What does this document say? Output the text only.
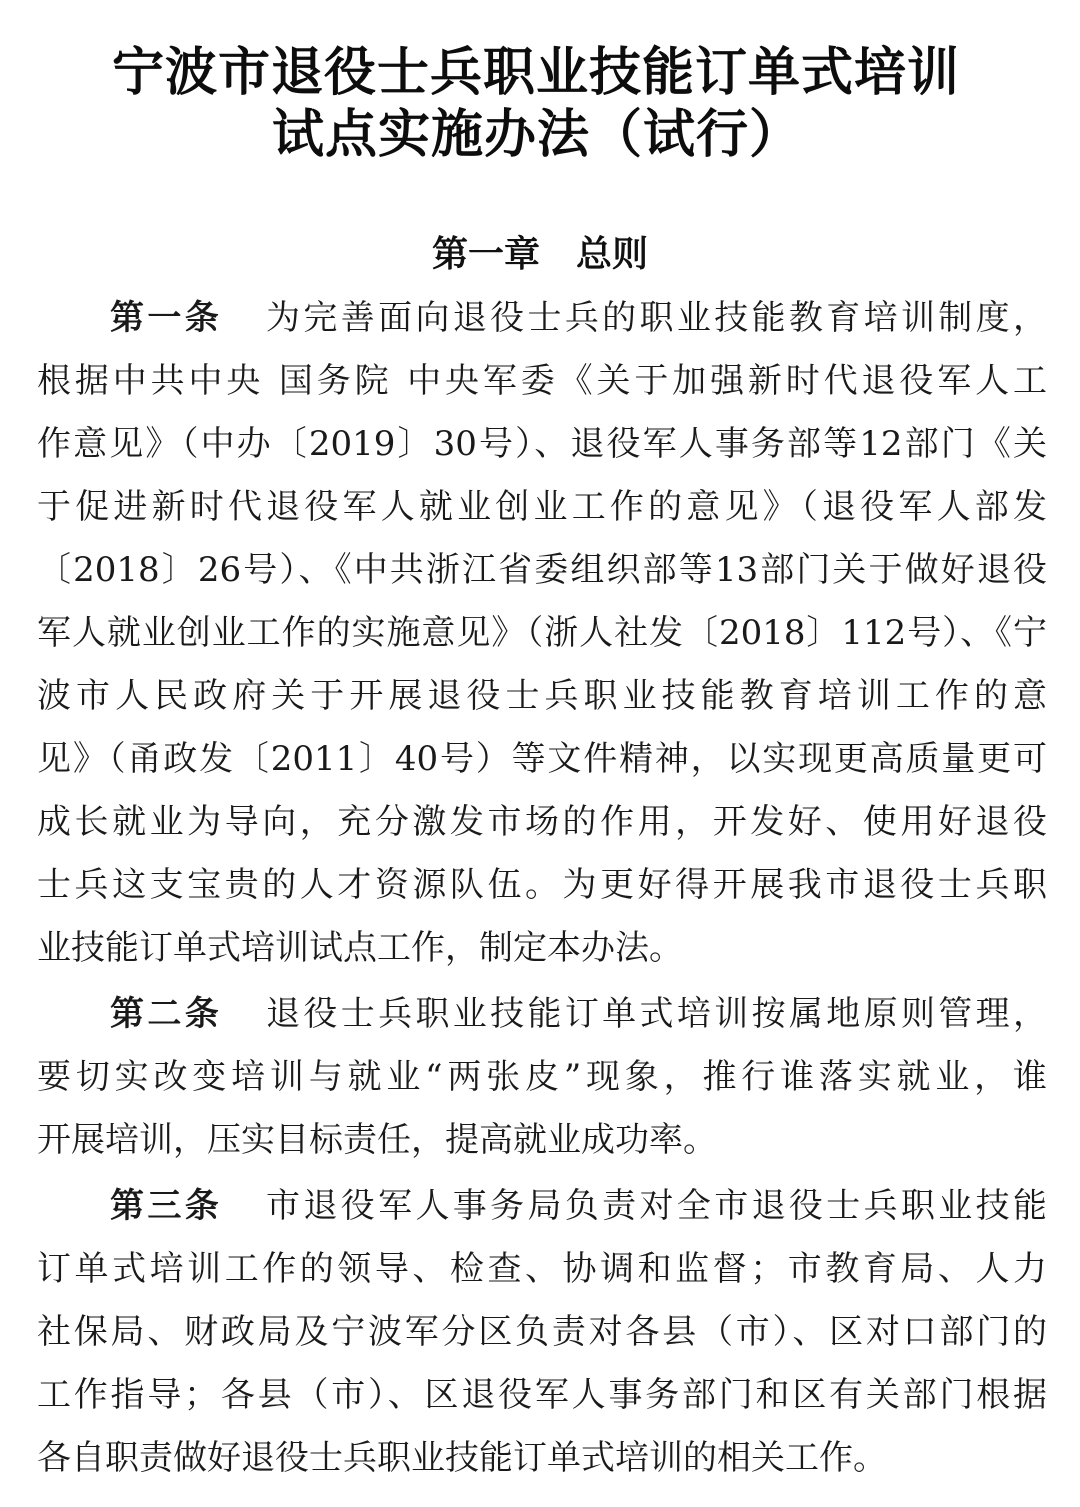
宁波市退役士兵职业技能订单式培训
试点实施办法（试行）
第一章　总则
第一条 为完善面向退役士兵的职业技能教育培训制度，
根据中共中央 国务院 中央军委《关于加强新时代退役军人工
作意见》（中办〔2019〕30号）、退役军人事务部等12部门《关
于促进新时代退役军人就业创业工作的意见》（退役军人部发
〔2018〕26号）、《中共浙江省委组织部等13部门关于做好退役
军人就业创业工作的实施意见》（浙人社发〔2018〕112号）、《宁
波市人民政府关于开展退役士兵职业技能教育培训工作的意
见》（甬政发〔2011〕40号）等文件精神，以实现更高质量更可
成长就业为导向，充分激发市场的作用，开发好、使用好退役
士兵这支宝贵的人才资源队伍。为更好得开展我市退役士兵职
业技能订单式培训试点工作，制定本办法。
第二条 退役士兵职业技能订单式培训按属地原则管理，
要切实改变培训与就业“两张皮”现象，推行谁落实就业，谁
开展培训，压实目标责任，提高就业成功率。
第三条 市退役军人事务局负责对全市退役士兵职业技能
订单式培训工作的领导、检查、协调和监督；市教育局、人力
社保局、财政局及宁波军分区负责对各县（市）、区对口部门的
工作指导；各县（市）、区退役军人事务部门和区有关部门根据
各自职责做好退役士兵职业技能订单式培训的相关工作。
